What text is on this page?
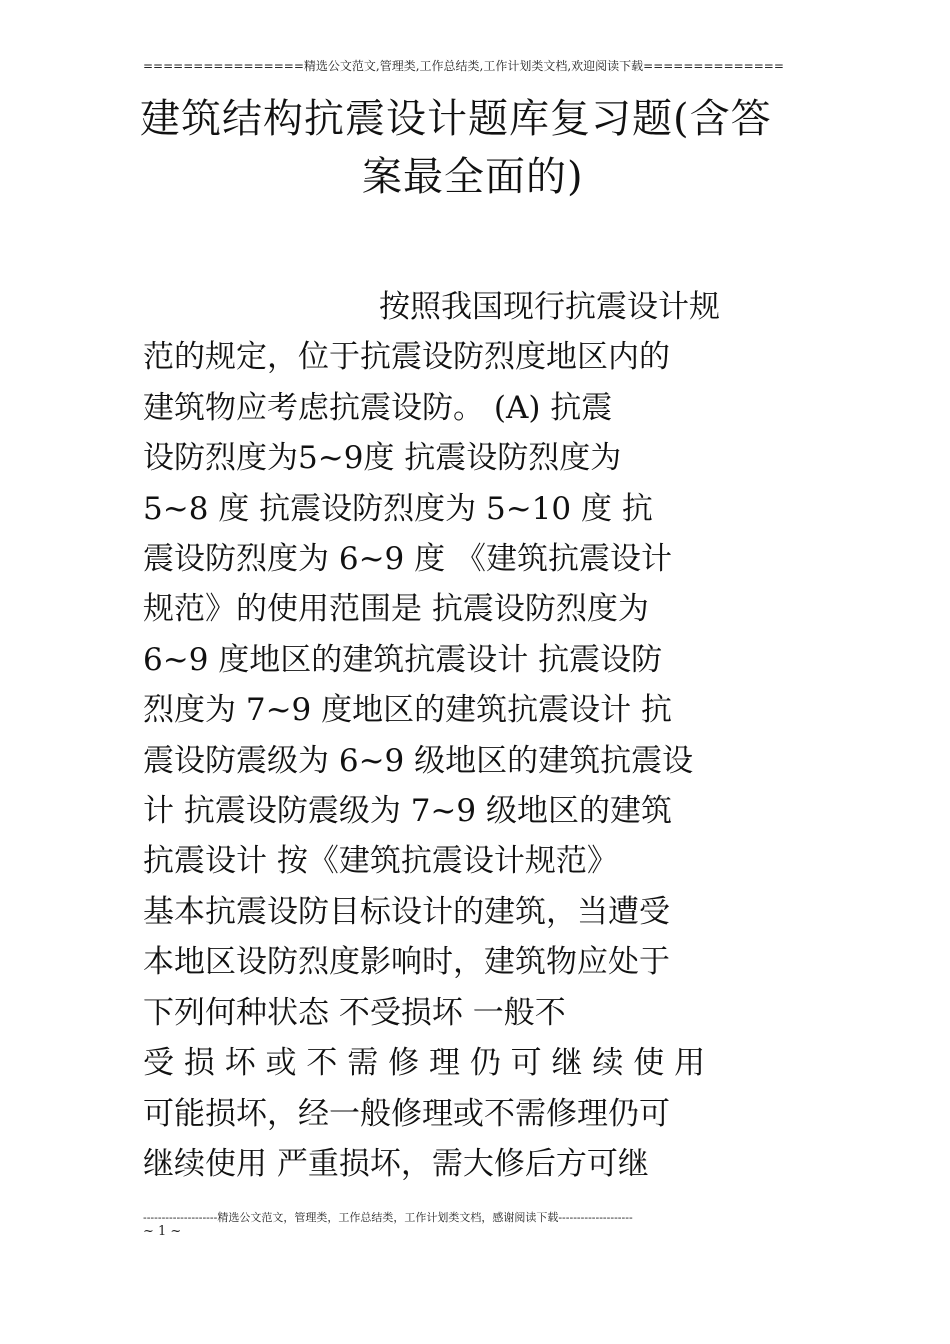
================精选公文范文,管理类,工作总结类,工作计划类文档,欢迎阅读下载==============
建筑结构抗震设计题库复习题(含答
案最全面的)
按照我国现行抗震设计规
范的规定，位于抗震设防烈度地区内的
建筑物应考虑抗震设防。 (A) 抗震
设防烈度为5~9度 抗震设防烈度为
5~8 度 抗震设防烈度为 5~10 度 抗
震设防烈度为 6~9 度 《建筑抗震设计
规范》的使用范围是 抗震设防烈度为
6~9 度地区的建筑抗震设计 抗震设防
烈度为 7~9 度地区的建筑抗震设计 抗
震设防震级为 6~9 级地区的建筑抗震设
计 抗震设防震级为 7~9 级地区的建筑
抗震设计 按《建筑抗震设计规范》
基本抗震设防目标设计的建筑，当遭受
本地区设防烈度影响时，建筑物应处于
下列何种状态 不受损坏 一般不
受 损 坏 或 不 需 修 理 仍 可 继 续 使 用
可能损坏，经一般修理或不需修理仍可
继续使用 严重损坏，需大修后方可继
--------------------精选公文范文，管理类，工作总结类，工作计划类文档，感谢阅读下载--------------------
~ 1 ~
